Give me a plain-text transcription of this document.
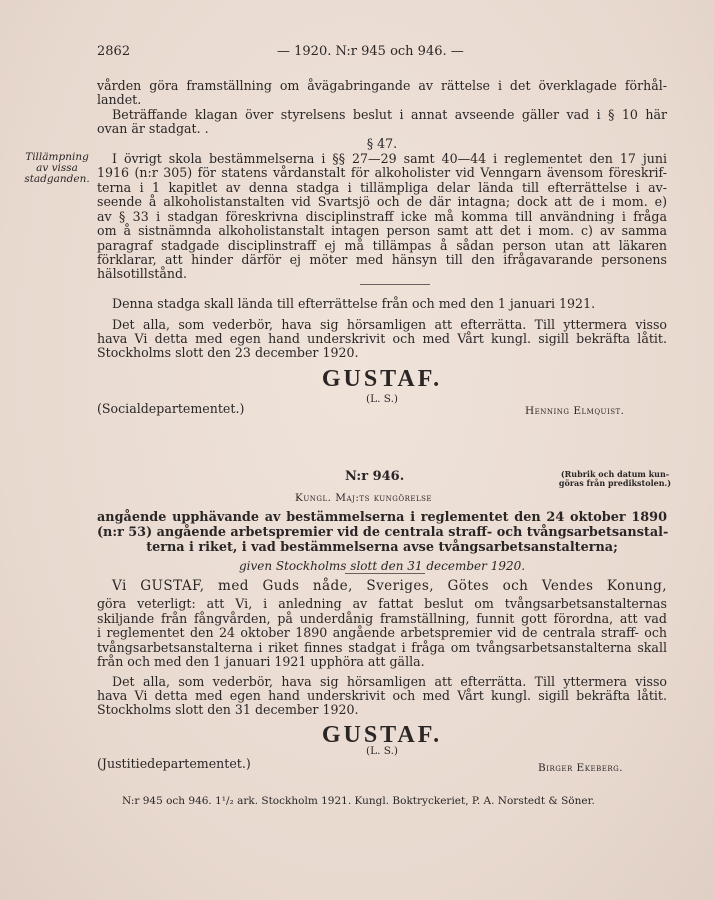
2862	— 1920. N:r 945 och 946. —
vården göra framställning om åvägabringande av rättelse i det överklagade förhål-
landet.
Beträffande klagan över styrelsens beslut i annat avseende gäller vad i § 10 här
ovan är stadgat. .
§ 47.
Tillämpning
av vissa
stadganden.
I övrigt skola bestämmelserna i §§ 27—29 samt 40—44 i reglementet den 17 juni
1916 (n:r 305) för statens vårdanstalt för alkoholister vid Venngarn ävensom föreskrif-
terna i 1 kapitlet av denna stadga i tillämpliga delar lända till efterrättelse i av-
seende å alkoholistanstalten vid Svartsjö och de där intagna; dock att de i mom. e)
av § 33 i stadgan föreskrivna disciplinstraff icke må komma till användning i fråga
om å sistnämnda alkoholistanstalt intagen person samt att det i mom. c) av samma
paragraf stadgade disciplinstraff ej må tillämpas å sådan person utan att läkaren
förklarar, att hinder därför ej möter med hänsyn till den ifrågavarande personens
hälsotillstånd.
Denna stadga skall lända till efterrättelse från och med den 1 januari 1921.
Det alla, som vederbör, hava sig hörsamligen att efterrätta. Till yttermera visso
hava Vi detta med egen hand underskrivit och med Vårt kungl. sigill bekräfta låtit.
Stockholms slott den 23 december 1920.
GUSTAF.
(L. S.)
(Socialdepartementet.)	Henning Elmquist.
N:r 946.	(Rubrik och datum kun-
göras från predikstolen.)
Kungl. Maj:ts kungörelse
angående upphävande av bestämmelserna i reglementet den 24 oktober 1890
(n:r 53) angående arbetspremier vid de centrala straff- och tvångsarbetsanstal-
terna i riket, i vad bestämmelserna avse tvångsarbetsanstalterna;
given Stockholms slott den 31 december 1920.
Vi GUSTAF, med Guds nåde, Sveriges, Götes och Vendes Konung,
göra veterligt: att Vi, i anledning av fattat beslut om tvångsarbetsanstalternas
skiljande från fångvården, på underdånig framställning, funnit gott förordna, att vad
i reglementet den 24 oktober 1890 angående arbetspremier vid de centrala straff- och
tvångsarbetsanstalterna i riket finnes stadgat i fråga om tvångsarbetsanstalterna skall
från och med den 1 januari 1921 upphöra att gälla.
Det alla, som vederbör, hava sig hörsamligen att efterrätta. Till yttermera visso
hava Vi detta med egen hand underskrivit och med Vårt kungl. sigill bekräfta låtit.
Stockholms slott den 31 december 1920.
GUSTAF.
(L. S.)
(Justitiedepartementet.)	Birger Ekeberg.
N:r 945 och 946. 1¹/₂ ark. Stockholm 1921. Kungl. Boktryckeriet, P. A. Norstedt & Söner.
